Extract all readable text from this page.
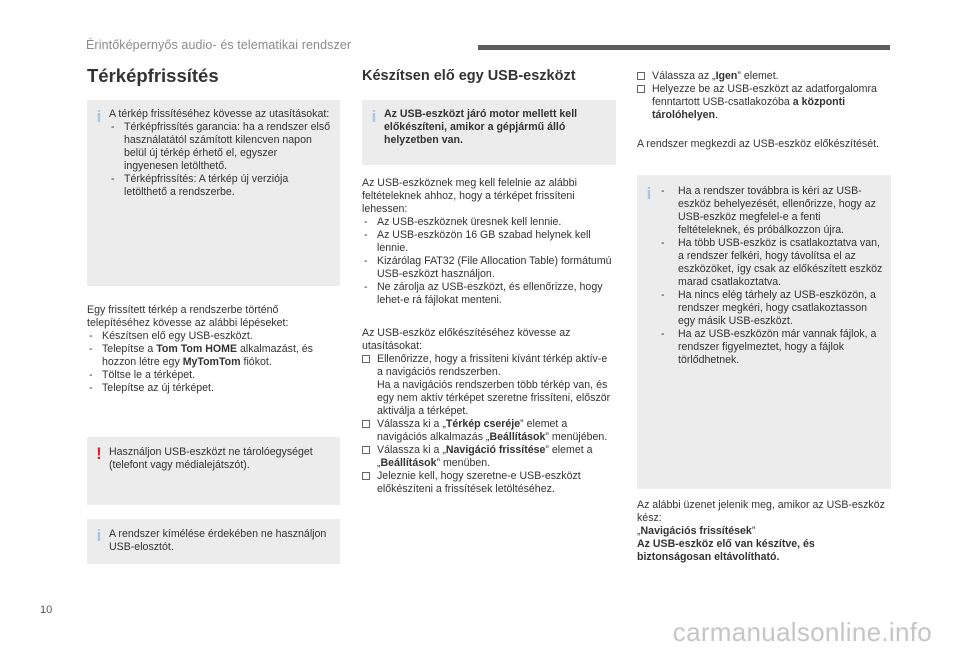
Érintőképernyős audio- és telematikai rendszer
Térképfrissítés
i A térkép frissítéséhez kövesse az utasításokat:

- Térképfrissítés garancia: ha a rendszer első használatától számított kilencven napon belül új térkép érhető el, egyszer ingyenesen letölthető.

- Térképfrissítés: A térkép új verziója letölthető a rendszerbe.

Egy frissített térkép a rendszerbe történő telepítéséhez kövesse az alábbi lépéseket:

- Készítsen elő egy USB-eszközt.

- Telepítse a Tom Tom HOME alkalmazást, és hozzon létre egy MyTomTom fiókot.

- Töltse le a térképet.

- Telepítse az új térképet.

! Használjon USB-eszközt ne tárolóegységet (telefont vagy médialejátszót).

i A rendszer kímélése érdekében ne használjon USB-elosztót.

Készítsen elő egy USB-eszközt
i Az USB-eszközt járó motor mellett kell előkészíteni, amikor a gépjármű álló helyzetben van.

Az USB-eszköznek meg kell felelnie az alábbi feltételeknek ahhoz, hogy a térképet frissíteni lehessen:

- Az USB-eszköznek üresnek kell lennie.

- Az USB-eszközön 16 GB szabad helynek kell lennie.

- Kizárólag FAT32 (File Allocation Table) formátumú USB-eszközt használjon.

- Ne zárolja az USB-eszközt, és ellenőrizze, hogy lehet-e rá fájlokat menteni.

Az USB-eszköz előkészítéséhez kövesse az utasításokat:

Ellenőrizze, hogy a frissíteni kívánt térkép aktív-e a navigációs rendszerben.

Ha a navigációs rendszerben több térkép van, és egy nem aktív térképet szeretne frissíteni, először aktiválja a térképet.

Válassza ki a „Térkép cseréje” elemet a navigációs alkalmazás „Beállítások” menüjében.

Válassza ki a „Navigáció frissítése” elemet a „Beállítások” menüben.

Jelezniе kell, hogy szeretne-e USB-eszközt előkészíteni a frissítések letöltéséhez.

Válassza az „Igen” elemet.

Helyezze be az USB-eszközt az adatforgalomra fenntartott USB-csatlakozóba a központi tárolóhelyen.

A rendszer megkezdi az USB-eszköz előkészítését.

i

-	Ha a rendszer továbbra is kéri az USB-eszköz behelyezését, ellenőrizze, hogy az USB-eszköz megfelel-e a fenti feltételeknek, és próbálkozzon újra.

- Ha több USB-eszköz is csatlakoztatva van, a rendszer felkéri, hogy távolítsa el az eszközöket, így csak az előkészített eszköz marad csatlakoztatva.

- Ha nincs elég tárhely az USB-eszközön, a rendszer megkéri, hogy csatlakoztasson egy másik USB-eszközt.

- Ha az USB-eszközön már vannak fájlok, a rendszer figyelmeztet, hogy a fájlok törlődhetnek.

Az alábbi üzenet jelenik meg, amikor az USB-eszköz kész:

„Navigációs frissítések”

Az USB-eszköz elő van készítve, és biztonságosan eltávolítható.

10
carmanualsonline.info
